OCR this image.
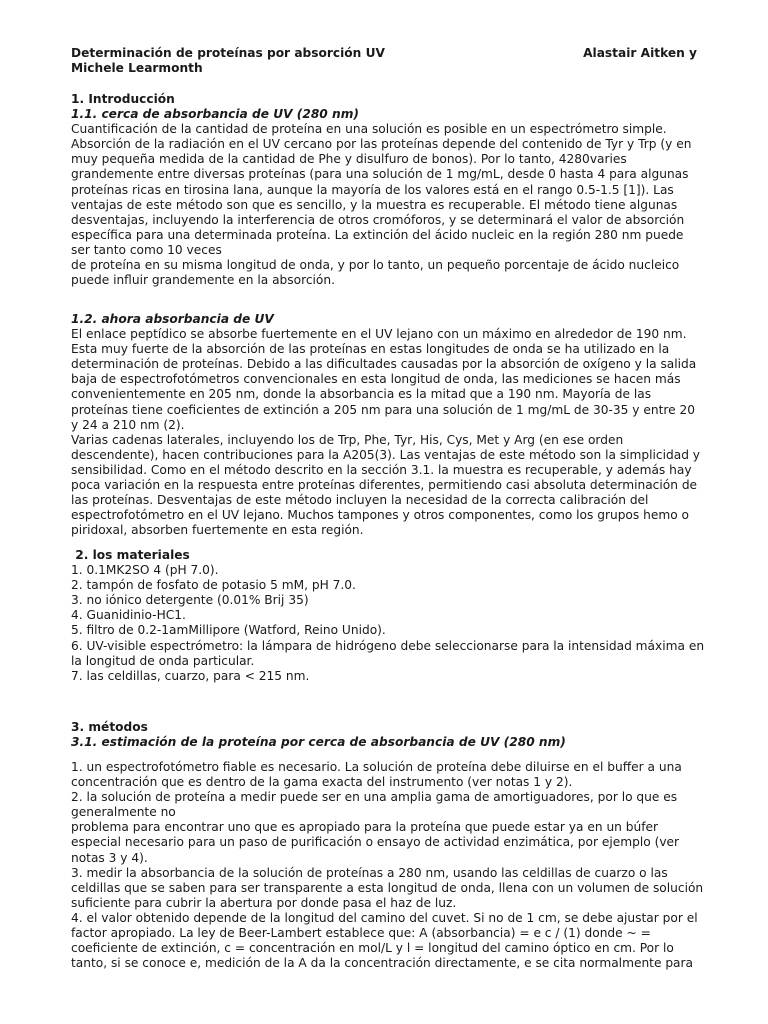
Determinación de proteínas por absorción UV	Alastair Aitken y
Michele Learmonth
1. Introducción
1.1. cerca de absorbancia de UV (280 nm)
Cuantificación de la cantidad de proteína en una solución es posible en un espectrómetro simple.
Absorción de la radiación en el UV cercano por las proteínas depende del contenido de Tyr y Trp (y en
muy pequeña medida de la cantidad de Phe y disulfuro de bonos). Por lo tanto, 4280varies
grandemente entre diversas proteínas (para una solución de 1 mg/mL, desde 0 hasta 4 para algunas
proteínas ricas en tirosina lana, aunque la mayoría de los valores está en el rango 0.5-1.5 [1]). Las
ventajas de este método son que es sencillo, y la muestra es recuperable. El método tiene algunas
desventajas, incluyendo la interferencia de otros cromóforos, y se determinará el valor de absorción
específica para una determinada proteína. La extinción del ácido nucleic en la región 280 nm puede
ser tanto como 10 veces
de proteína en su misma longitud de onda, y por lo tanto, un pequeño porcentaje de ácido nucleico
puede influir grandemente en la absorción.
1.2. ahora absorbancia de UV
El enlace peptídico se absorbe fuertemente en el UV lejano con un máximo en alrededor de 190 nm.
Esta muy fuerte de la absorción de las proteínas en estas longitudes de onda se ha utilizado en la
determinación de proteínas. Debido a las dificultades causadas por la absorción de oxígeno y la salida
baja de espectrofotómetros convencionales en esta longitud de onda, las mediciones se hacen más
convenientemente en 205 nm, donde la absorbancia es la mitad que a 190 nm. Mayoría de las
proteínas tiene coeficientes de extinción a 205 nm para una solución de 1 mg/mL de 30-35 y entre 20
y 24 a 210 nm (2).
Varias cadenas laterales, incluyendo los de Trp, Phe, Tyr, His, Cys, Met y Arg (en ese orden
descendente), hacen contribuciones para la A205(3). Las ventajas de este método son la simplicidad y
sensibilidad. Como en el método descrito en la sección 3.1. la muestra es recuperable, y además hay
poca variación en la respuesta entre proteínas diferentes, permitiendo casi absoluta determinación de
las proteínas. Desventajas de este método incluyen la necesidad de la correcta calibración del
espectrofotómetro en el UV lejano. Muchos tampones y otros componentes, como los grupos hemo o
piridoxal, absorben fuertemente en esta región.
2. los materiales
1. 0.1MK2SO 4 (pH 7.0).
2. tampón de fosfato de potasio 5 mM, pH 7.0.
3. no iónico detergente (0.01% Brij 35)
4. Guanidinio-HC1.
5. filtro de 0.2-1amMillipore (Watford, Reino Unido).
6. UV-visible espectrómetro: la lámpara de hidrógeno debe seleccionarse para la intensidad máxima en
la longitud de onda particular.
7. las celdillas, cuarzo, para < 215 nm.
3. métodos
3.1. estimación de la proteína por cerca de absorbancia de UV (280 nm)
1. un espectrofotómetro fiable es necesario. La solución de proteína debe diluirse en el buffer a una
concentración que es dentro de la gama exacta del instrumento (ver notas 1 y 2).
2. la solución de proteína a medir puede ser en una amplia gama de amortiguadores, por lo que es
generalmente no
problema para encontrar uno que es apropiado para la proteína que puede estar ya en un búfer
especial necesario para un paso de purificación o ensayo de actividad enzimática, por ejemplo (ver
notas 3 y 4).
3. medir la absorbancia de la solución de proteínas a 280 nm, usando las celdillas de cuarzo o las
celdillas que se saben para ser transparente a esta longitud de onda, llena con un volumen de solución
suficiente para cubrir la abertura por donde pasa el haz de luz.
4. el valor obtenido depende de la longitud del camino del cuvet. Si no de 1 cm, se debe ajustar por el
factor apropiado. La ley de Beer-Lambert establece que: A (absorbancia) = e c / (1) donde ~ =
coeficiente de extinción, c = concentración en mol/L y l = longitud del camino óptico en cm. Por lo
tanto, si se conoce e, medición de la A da la concentración directamente, e se cita normalmente para
